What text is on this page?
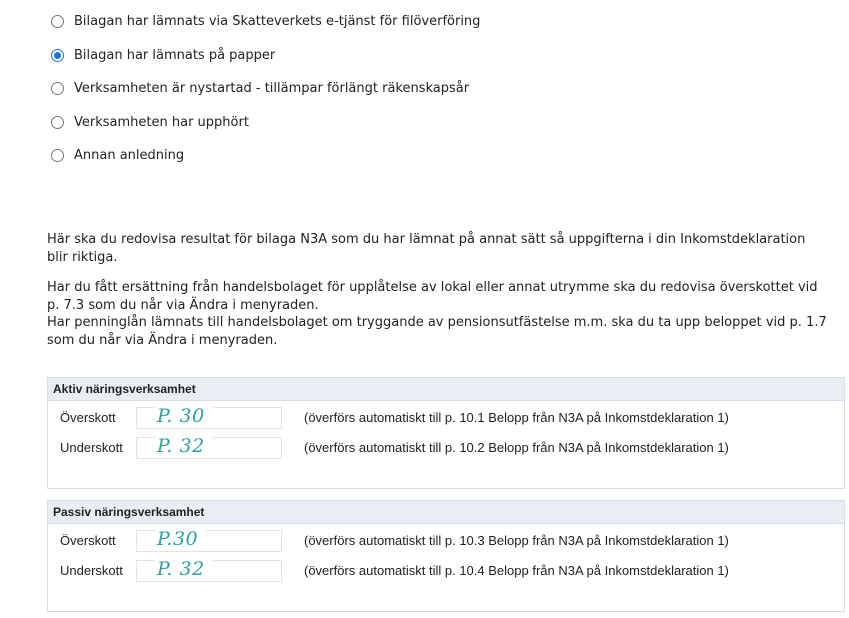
Bilagan har lämnats via Skatteverkets e-tjänst för filöverföring
Bilagan har lämnats på papper
Verksamheten är nystartad - tillämpar förlängt räkenskapsår
Verksamheten har upphört
Annan anledning
Här ska du redovisa resultat för bilaga N3A som du har lämnat på annat sätt så uppgifterna i din Inkomstdeklaration blir riktiga.
Har du fått ersättning från handelsbolaget för upplåtelse av lokal eller annat utrymme ska du redovisa överskottet vid p. 7.3 som du når via Ändra i menyraden.
Har penninglån lämnats till handelsbolaget om tryggande av pensionsutfästelse m.m. ska du ta upp beloppet vid p. 1.7 som du når via Ändra i menyraden.
Aktiv näringsverksamhet
Överskott P. 30	(överförs automatiskt till p. 10.1 Belopp från N3A på Inkomstdeklaration 1)
Underskott P. 32	(överförs automatiskt till p. 10.2 Belopp från N3A på Inkomstdeklaration 1)
Passiv näringsverksamhet
Överskott P.30	(överförs automatiskt till p. 10.3 Belopp från N3A på Inkomstdeklaration 1)
Underskott P. 32	(överförs automatiskt till p. 10.4 Belopp från N3A på Inkomstdeklaration 1)
